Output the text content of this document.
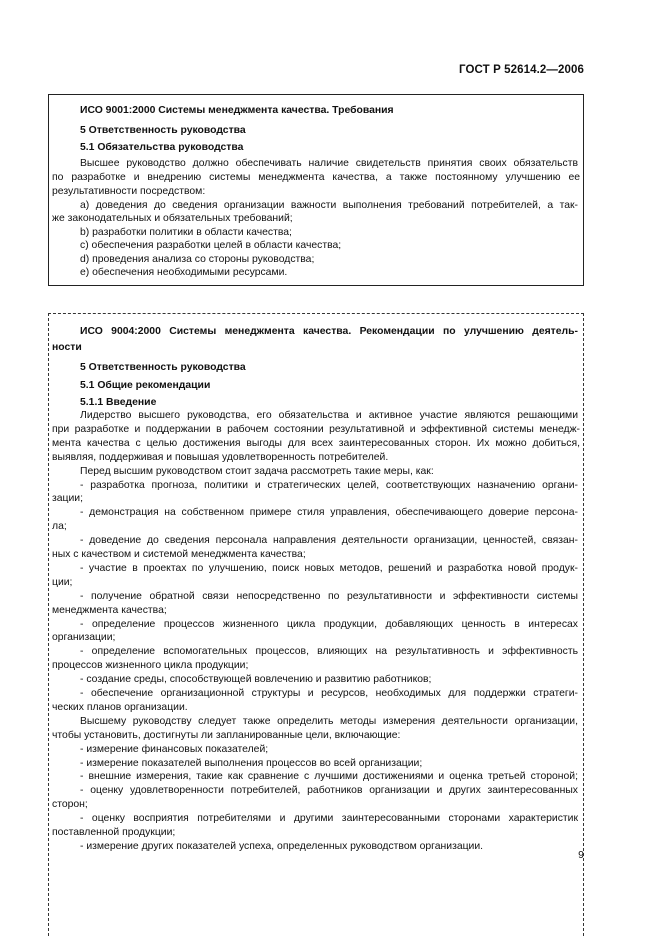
ГОСТ Р 52614.2—2006

ИСО 9001:2000 Системы менеджмента качества. Требования

5 Ответственность руководства

5.1 Обязательства руководства

Высшее руководство должно обеспечивать наличие свидетельств принятия своих обязательств

по разработке и внедрению системы менеджмента качества, а также постоянному улучшению ее

результативности посредством:

а) доведения до сведения организации важности выполнения требований потребителей, а так-

же законодательных и обязательных требований;

b) разработки политики в области качества;

с) обеспечения разработки целей в области качества;

d) проведения анализа со стороны руководства;

е) обеспечения необходимыми ресурсами.

ИСО 9004:2000 Системы менеджмента качества. Рекомендации по улучшению деятель-

ности

5 Ответственность руководства

5.1 Общие рекомендации

5.1.1 Введение

Лидерство высшего руководства, его обязательства и активное участие являются решающими

при разработке и поддержании в рабочем состоянии результативной и эффективной системы менедж-

мента качества с целью достижения выгоды для всех заинтересованных сторон. Их можно добиться,

выявляя, поддерживая и повышая удовлетворенность потребителей.

Перед высшим руководством стоит задача рассмотреть такие меры, как:

- разработка прогноза, политики и стратегических целей, соответствующих назначению органи-

зации;

- демонстрация на собственном примере стиля управления, обеспечивающего доверие персона-

ла;

- доведение до сведения персонала направления деятельности организации, ценностей, связан-

ных с качеством и системой менеджмента качества;

- участие в проектах по улучшению, поиск новых методов, решений и разработка новой продук-

ции;

- получение обратной связи непосредственно по результативности и эффективности системы

менеджмента качества;

- определение процессов жизненного цикла продукции, добавляющих ценность в интересах

организации;

- определение вспомогательных процессов, влияющих на результативность и эффективность

процессов жизненного цикла продукции;

- создание среды, способствующей вовлечению и развитию работников;

- обеспечение организационной структуры и ресурсов, необходимых для поддержки стратеги-

ческих планов организации.

Высшему руководству следует также определить методы измерения деятельности организации,

чтобы установить, достигнуты ли запланированные цели, включающие:

- измерение финансовых показателей;

- измерение показателей выполнения процессов во всей организации;

- внешние измерения, такие как сравнение с лучшими достижениями и оценка третьей стороной;

- оценку удовлетворенности потребителей, работников организации и других заинтересованных

сторон;

- оценку восприятия потребителями и другими заинтересованными сторонами характеристик

поставленной продукции;

- измерение других показателей успеха, определенных руководством организации.

9
